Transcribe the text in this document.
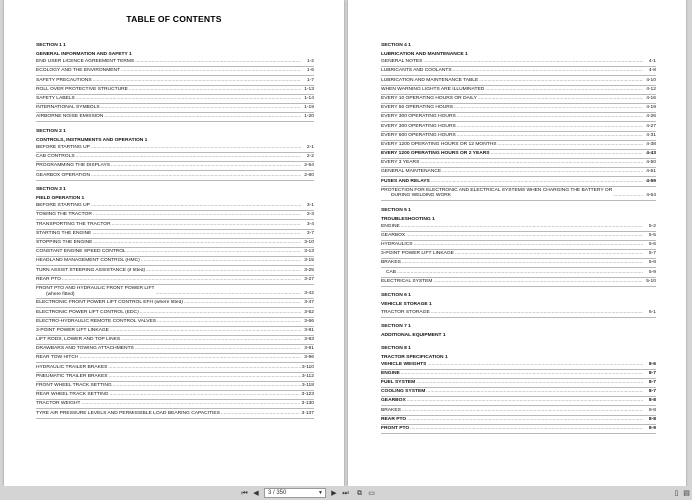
TABLE OF CONTENTS
SECTION 1 1
GENERAL INFORMATION AND SAFETY 1
END USER LICENCE AGREEMENT TERMS .....	1-2
ECOLOGY AND THE ENVIRONMENT .....	1-6
SAFETY PRECAUTIONS .....	1-7
ROLL OVER PROTECTIVE STRUCTURE .....	1-13
SAFETY LABELS .....	1-14
INTERNATIONAL SYMBOLS .....	1-19
AIRBORNE NOISE EMISSION .....	1-20
SECTION 2 1
CONTROLS, INSTRUMENTS AND OPERATION 1
BEFORE STARTING UP .....	2-1
CAB CONTROLS .....	2-2
PROGRAMMING THE DISPLAYS .....	2-54
GEARBOX OPERATION .....	2-60
SECTION 3 1
FIELD OPERATION 1
BEFORE STARTING UP .....	3-1
TOWING THE TRACTOR .....	3-3
TRANSPORTING THE TRACTOR .....	3-4
STARTING THE ENGINE .....	3-7
STOPPING THE ENGINE .....	3-10
CONSTANT ENGINE SPEED CONTROL .....	3-13
HEADLAND MANAGEMENT CONTROL (HMC) .....	3-15
TURN ASSIST STEERING ASSISTANCE (if fitted) .....	3-25
REAR PTO .....	3-27
FRONT PTO AND HYDRAULIC FRONT POWER LIFT
(where fitted) .....	3-42
ELECTRONIC FRONT POWER LIFT CONTROL EFH (where fitted) .....	3-47
ELECTRONIC POWER LIFT CONTROL (EDC) .....	3-52
ELECTRO-HYDRAULIC REMOTE CONTROL VALVES .....	3-66
3-POINT POWER LIFT LINKAGE .....	3-81
LIFT RODS, LOWER AND TOP LINKS .....	3-83
DRAWBARS AND TOWING ATTACHMENTS .....	3-91
REAR TOW HITCH .....	3-96
HYDRAULIC TRAILER BRAKES .....	3-110
PNEUMATIC TRAILER BRAKES .....	3-112
FRONT WHEEL TRACK SETTING .....	3-118
REAR WHEEL TRACK SETTING .....	3-123
TRACTOR WEIGHT .....	3-130
TYRE AIR PRESSURE LEVELS AND PERMISSIBLE LOAD BEARING CAPACITIES .....	3-137
SECTION 4 1
LUBRICATION AND MAINTENANCE 1
GENERAL NOTES .....	4-1
LUBRICANTS AND COOLANTS .....	4-8
LUBRICATION AND MAINTENANCE TABLE .....	4-10
WHEN WARNING LIGHTS ARE ILLUMINATED .....	4-12
EVERY 10 OPERATING HOURS OR DAILY .....	4-16
EVERY 50 OPERATING HOURS .....	4-19
EVERY 300 OPERATING HOURS .....	4-26
EVERY 300 OPERATING HOURS .....	4-27
EVERY 600 OPERATING HOURS .....	4-31
EVERY 1200 OPERATING HOURS OR 12 MONTHS .....	4-38
EVERY 1200 OPERATING HOURS OR 2 YEARS .....	4-43
EVERY 3 YEARS .....	4-50
GENERAL MAINTENANCE .....	4-51
FUSES AND RELAYS .....	4-59
PROTECTION FOR ELECTRONIC AND ELECTRICAL SYSTEMS WHEN CHARGING THE BATTERY OR
DURING WELDING WORK .....	4-64
SECTION 5 1
TROUBLESHOOTING 1
ENGINE .....	5-2
GEARBOX .....	5-5
HYDRAULICS .....	5-6
3-POINT POWER LIFT LINKAGE .....	5-7
BRAKES .....	5-8
CAB .....	5-9
ELECTRICAL SYSTEM .....	5-10
SECTION 6 1
VEHICLE STORAGE 1
TRACTOR STORAGE .....	6-1
SECTION 7 1
ADDITIONAL EQUIPMENT 1
SECTION 8 1
TRACTOR SPECIFICATION 1
VEHICLE WEIGHTS .....	8-6
ENGINE .....	8-7
FUEL SYSTEM .....	8-7
COOLING SYSTEM .....	8-7
GEARBOX .....	8-8
BRAKES .....	8-8
REAR PTO .....	8-8
FRONT PTO .....	8-9
⏮ ◀	3 / 350	▼ ▶ ⏭ ⧉ ▭	▯ ▤
